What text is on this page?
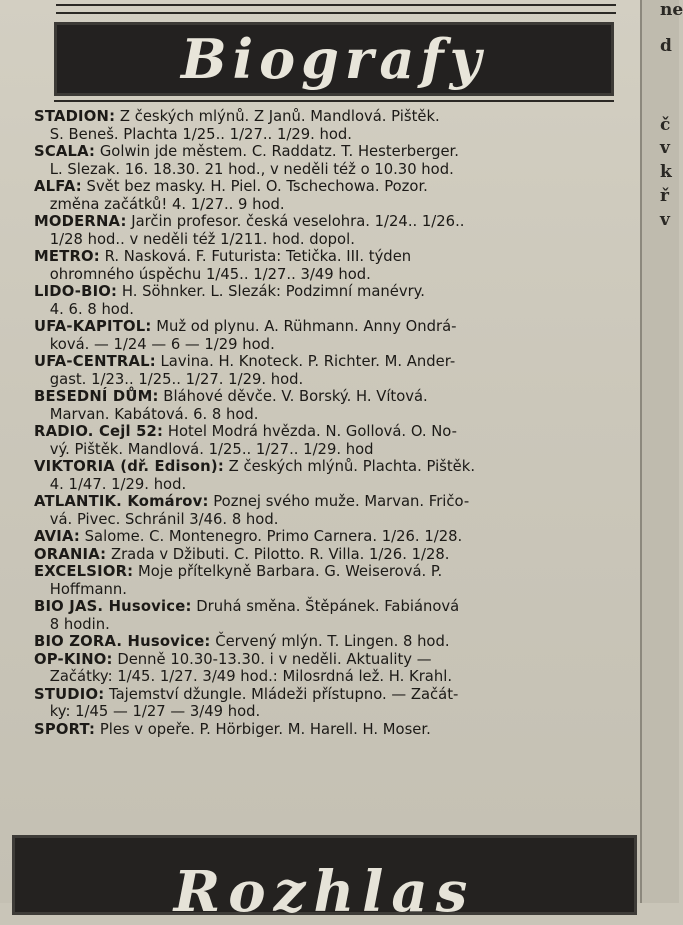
ne
d
č
v
k
ř
v
Biografy
STADION: Z českých mlýnů. Z Janů. Mandlová. Pištěk.
S. Beneš. Plachta 1/25.. 1/27.. 1/29. hod.
SCALA: Golwin jde městem. C. Raddatz. T. Hesterberger.
L. Slezak. 16. 18.30. 21 hod., v neděli též o 10.30 hod.
ALFA: Svět bez masky. H. Piel. O. Tschechowa. Pozor.
změna začátků! 4. 1/27.. 9 hod.
MODERNA: Jarčin profesor. česká veselohra. 1/24.. 1/26..
1/28 hod.. v neděli též 1/211. hod. dopol.
METRO: R. Nasková. F. Futurista: Tetička. III. týden
ohromného úspěchu 1/45.. 1/27.. 3/49 hod.
LIDO-BIO: H. Söhnker. L. Slezák: Podzimní manévry.
4. 6. 8 hod.
UFA-KAPITOL: Muž od plynu. A. Rühmann. Anny Ondrá-
ková. — 1/24 — 6 — 1/29 hod.
UFA-CENTRAL: Lavina. H. Knoteck. P. Richter. M. Ander-
gast. 1/23.. 1/25.. 1/27. 1/29. hod.
BESEDNÍ DŮM: Bláhové děvče. V. Borský. H. Vítová.
Marvan. Kabátová. 6. 8 hod.
RADIO. Cejl 52: Hotel Modrá hvězda. N. Gollová. O. No-
vý. Pištěk. Mandlová. 1/25.. 1/27.. 1/29. hod
VIKTORIA (dř. Edison): Z českých mlýnů. Plachta. Pištěk.
4. 1/47. 1/29. hod.
ATLANTIK. Komárov: Poznej svého muže. Marvan. Fričo-
vá. Pivec. Schránil 3/46. 8 hod.
AVIA: Salome. C. Montenegro. Primo Carnera. 1/26. 1/28.
ORANIA: Zrada v Džibuti. C. Pilotto. R. Villa. 1/26. 1/28.
EXCELSIOR: Moje přítelkyně Barbara. G. Weiserová. P.
Hoffmann.
BIO JAS. Husovice: Druhá směna. Štěpánek. Fabiánová
8 hodin.
BIO ZORA. Husovice: Červený mlýn. T. Lingen. 8 hod.
OP-KINO: Denně 10.30-13.30. i v neděli. Aktuality —
Začátky: 1/45. 1/27. 3/49 hod.: Milosrdná lež. H. Krahl.
STUDIO: Tajemství džungle. Mládeži přístupno. — Začát-
ky: 1/45 — 1/27 — 3/49 hod.
SPORT: Ples v opeře. P. Hörbiger. M. Harell. H. Moser.
Rozhlas
